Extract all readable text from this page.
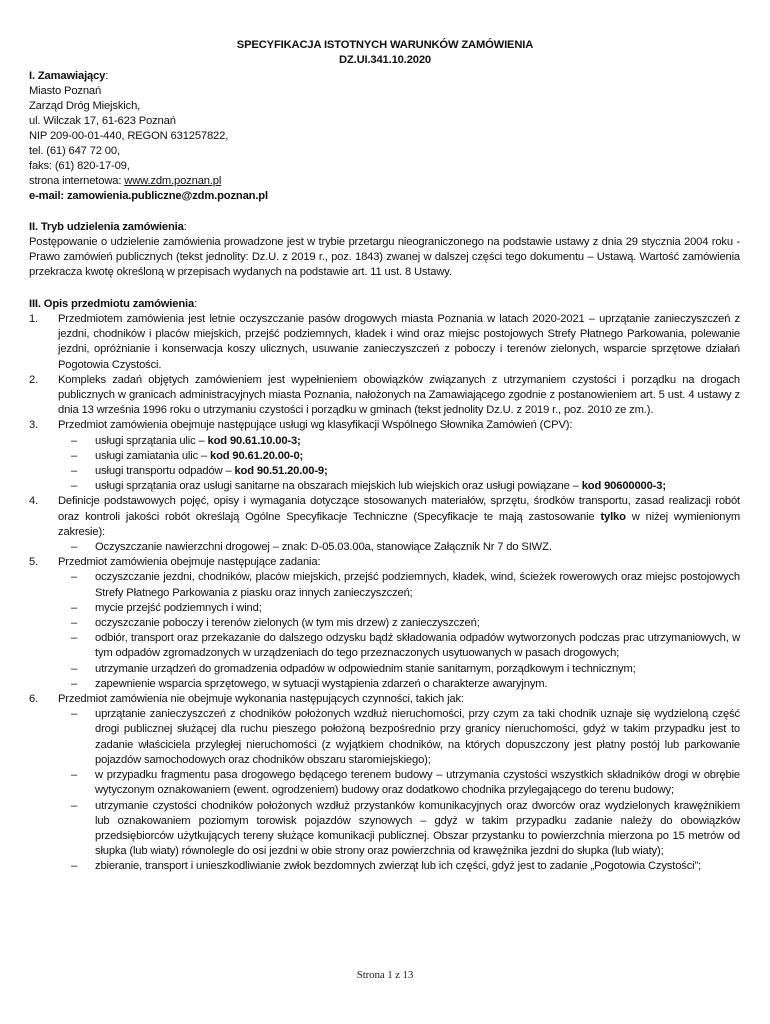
SPECYFIKACJA ISTOTNYCH WARUNKÓW ZAMÓWIENIA
DZ.UI.341.10.2020
I. Zamawiający:
Miasto Poznań
Zarząd Dróg Miejskich,
ul. Wilczak 17, 61-623 Poznań
NIP 209-00-01-440, REGON 631257822,
tel. (61) 647 72 00,
faks: (61) 820-17-09,
strona internetowa: www.zdm.poznan.pl
e-mail: zamowienia.publiczne@zdm.poznan.pl
II. Tryb udzielenia zamówienia:
Postępowanie o udzielenie zamówienia prowadzone jest w trybie przetargu nieograniczonego na podstawie ustawy z dnia 29 stycznia 2004 roku - Prawo zamówień publicznych (tekst jednolity: Dz.U. z 2019 r., poz. 1843) zwanej w dalszej części tego dokumentu – Ustawą. Wartość zamówienia przekracza kwotę określoną w przepisach wydanych na podstawie art. 11 ust. 8 Ustawy.
III. Opis przedmiotu zamówienia:
1. Przedmiotem zamówienia jest letnie oczyszczanie pasów drogowych miasta Poznania w latach 2020-2021 – uprzątanie zanieczyszczeń z jezdni, chodników i placów miejskich, przejść podziemnych, kładek i wind oraz miejsc postojowych Strefy Płatnego Parkowania, polewanie jezdni, opróżnianie i konserwacja koszy ulicznych, usuwanie zanieczyszczeń z poboczy i terenów zielonych, wsparcie sprzętowe działań Pogotowia Czystości.
2. Kompleks zadań objętych zamówieniem jest wypełnieniem obowiązków związanych z utrzymaniem czystości i porządku na drogach publicznych w granicach administracyjnych miasta Poznania, nałożonych na Zamawiającego zgodnie z postanowieniem art. 5 ust. 4 ustawy z dnia 13 września 1996 roku o utrzymaniu czystości i porządku w gminach (tekst jednolity Dz.U. z 2019 r., poz. 2010 ze zm.).
3. Przedmiot zamówienia obejmuje następujące usługi wg klasyfikacji Wspólnego Słownika Zamówień (CPV):
– usługi sprzątania ulic – kod 90.61.10.00-3;
– usługi zamiatania ulic – kod 90.61.20.00-0;
– usługi transportu odpadów – kod 90.51.20.00-9;
– usługi sprzątania oraz usługi sanitarne na obszarach miejskich lub wiejskich oraz usługi powiązane – kod 90600000-3;
4. Definicje podstawowych pojęć, opisy i wymagania dotyczące stosowanych materiałów, sprzętu, środków transportu, zasad realizacji robót oraz kontroli jakości robót określają Ogólne Specyfikacje Techniczne (Specyfikacje te mają zastosowanie tylko w niżej wymienionym zakresie):
– Oczyszczanie nawierzchni drogowej – znak: D-05.03.00a, stanowiące Załącznik Nr 7 do SIWZ.
5. Przedmiot zamówienia obejmuje następujące zadania:
– oczyszczanie jezdni, chodników, placów miejskich, przejść podziemnych, kładek, wind, ścieżek rowerowych oraz miejsc postojowych Strefy Płatnego Parkowania z piasku oraz innych zanieczyszczeń;
– mycie przejść podziemnych i wind;
– oczyszczanie poboczy i terenów zielonych (w tym mis drzew) z zanieczyszczeń;
– odbiór, transport oraz przekazanie do dalszego odzysku bądź składowania odpadów wytworzonych podczas prac utrzymaniowych, w tym odpadów zgromadzonych w urządzeniach do tego przeznaczonych usytuowanych w pasach drogowych;
– utrzymanie urządzeń do gromadzenia odpadów w odpowiednim stanie sanitarnym, porządkowym i technicznym;
– zapewnienie wsparcia sprzętowego, w sytuacji wystąpienia zdarzeń o charakterze awaryjnym.
6. Przedmiot zamówienia nie obejmuje wykonania następujących czynności, takich jak:
– uprzątanie zanieczyszczeń z chodników położonych wzdłuż nieruchomości, przy czym za taki chodnik uznaje się wydzieloną część drogi publicznej służącej dla ruchu pieszego położoną bezpośrednio przy granicy nieruchomości, gdyż w takim przypadku jest to zadanie właściciela przyległej nieruchomości (z wyjątkiem chodników, na których dopuszczony jest płatny postój lub parkowanie pojazdów samochodowych oraz chodników obszaru staromiejskiego);
– w przypadku fragmentu pasa drogowego będącego terenem budowy – utrzymania czystości wszystkich składników drogi w obrębie wytyczonym oznakowaniem (ewent. ogrodzeniem) budowy oraz dodatkowo chodnika przylegającego do terenu budowy;
– utrzymanie czystości chodników położonych wzdłuż przystanków komunikacyjnych oraz dworców oraz wydzielonych krawężnikiem lub oznakowaniem poziomym torowisk pojazdów szynowych – gdyż w takim przypadku zadanie należy do obowiązków przedsiębiorców użytkujących tereny służące komunikacji publicznej. Obszar przystanku to powierzchnia mierzona po 15 metrów od słupka (lub wiaty) równolegle do osi jezdni w obie strony oraz powierzchnia od krawężnika jezdni do słupka (lub wiaty);
– zbieranie, transport i unieszkodliwianie zwłok bezdomnych zwierząt lub ich części, gdyż jest to zadanie „Pogotowia Czystości”;
Strona 1 z 13
